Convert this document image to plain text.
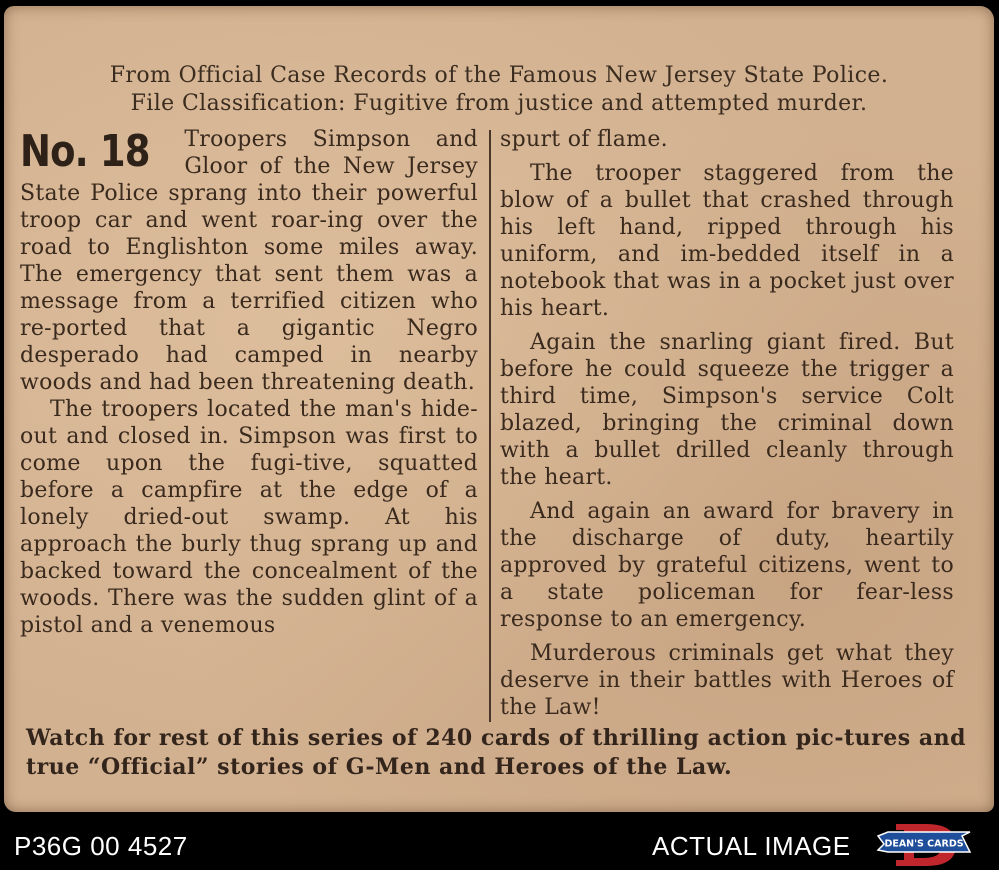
From Official Case Records of the Famous New Jersey State Police.
File Classification: Fugitive from justice and attempted murder.
No. 18	Troopers Simpson and Gloor of the New Jersey State Police sprang into their powerful troop car and went roar-ing over the road to Englishton some miles away. The emergency that sent them was a message from a terrified citizen who re-ported that a gigantic Negro desperado had camped in nearby woods and had been threatening death.

The troopers located the man's hide-out and closed in. Simpson was first to come upon the fugi-tive, squatted before a campfire at the edge of a lonely dried-out swamp. At his approach the burly thug sprang up and backed toward the concealment of the woods. There was the sudden glint of a pistol and a venemous

spurt of flame.

The trooper staggered from the blow of a bullet that crashed through his left hand, ripped through his uniform, and im-bedded itself in a notebook that was in a pocket just over his heart.

Again the snarling giant fired. But before he could squeeze the trigger a third time, Simpson's service Colt blazed, bringing the criminal down with a bullet drilled cleanly through the heart.

And again an award for bravery in the discharge of duty, heartily approved by grateful citizens, went to a state policeman for fear-less response to an emergency.

Murderous criminals get what they deserve in their battles with Heroes of the Law!

Watch for rest of this series of 240 cards of thrilling action pic-tures and true “Official” stories of G-Men and Heroes of the Law.
P36G 00 4527	ACTUAL IMAGE	DEAN'S CARDS
